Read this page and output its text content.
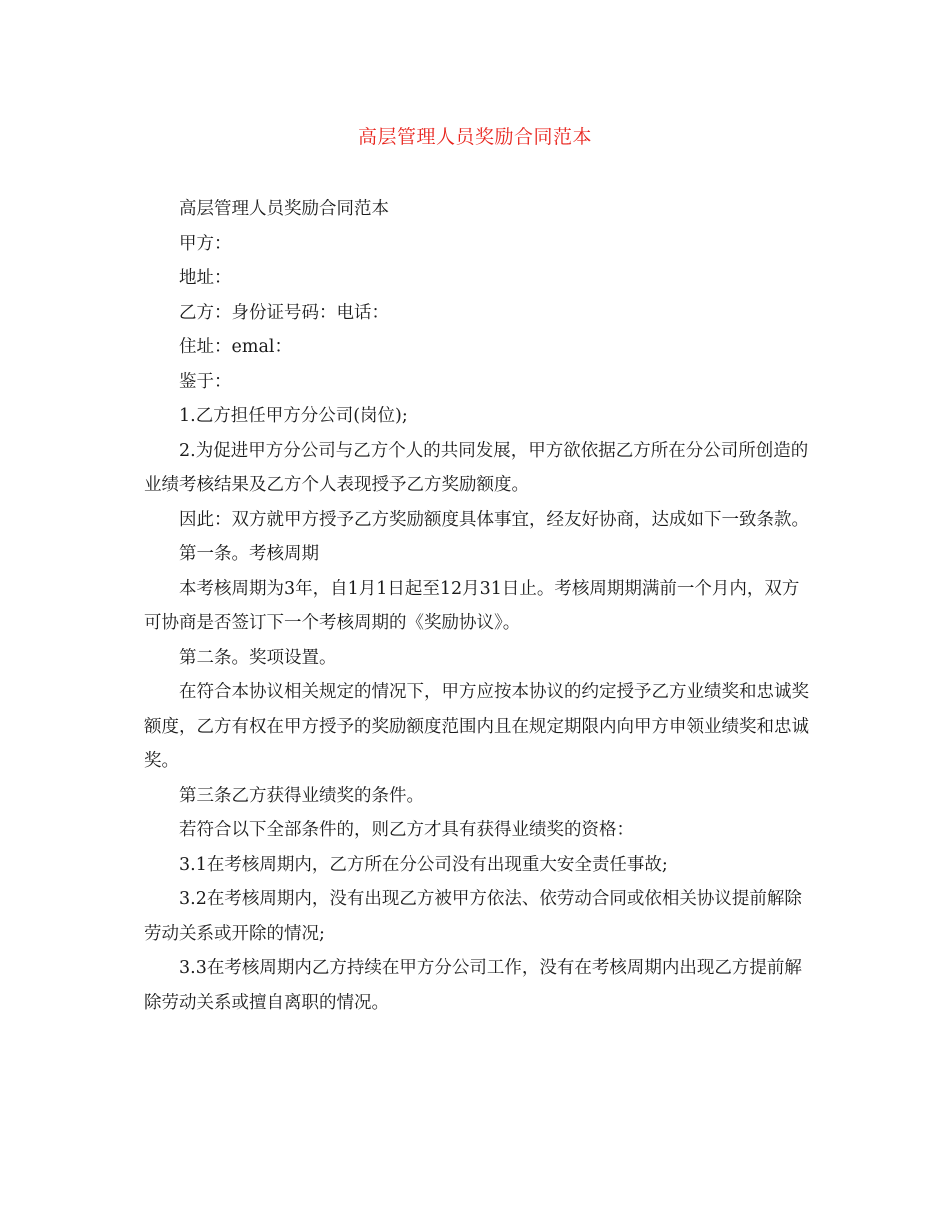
高层管理人员奖励合同范本

高层管理人员奖励合同范本

甲方：

地址：

乙方：身份证号码：电话：

住址：emal：

鉴于：

1.乙方担任甲方分公司(岗位);

2.为促进甲方分公司与乙方个人的共同发展，甲方欲依据乙方所在分公司所创造的业绩考核结果及乙方个人表现授予乙方奖励额度。

因此：双方就甲方授予乙方奖励额度具体事宜，经友好协商，达成如下一致条款。

第一条。考核周期

本考核周期为3年，自1月1日起至12月31日止。考核周期期满前一个月内，双方可协商是否签订下一个考核周期的《奖励协议》。

第二条。奖项设置。

在符合本协议相关规定的情况下，甲方应按本协议的约定授予乙方业绩奖和忠诚奖额度，乙方有权在甲方授予的奖励额度范围内且在规定期限内向甲方申领业绩奖和忠诚奖。

第三条乙方获得业绩奖的条件。

若符合以下全部条件的，则乙方才具有获得业绩奖的资格：

3.1在考核周期内，乙方所在分公司没有出现重大安全责任事故;

3.2在考核周期内，没有出现乙方被甲方依法、依劳动合同或依相关协议提前解除劳动关系或开除的情况;

3.3在考核周期内乙方持续在甲方分公司工作，没有在考核周期内出现乙方提前解除劳动关系或擅自离职的情况。
